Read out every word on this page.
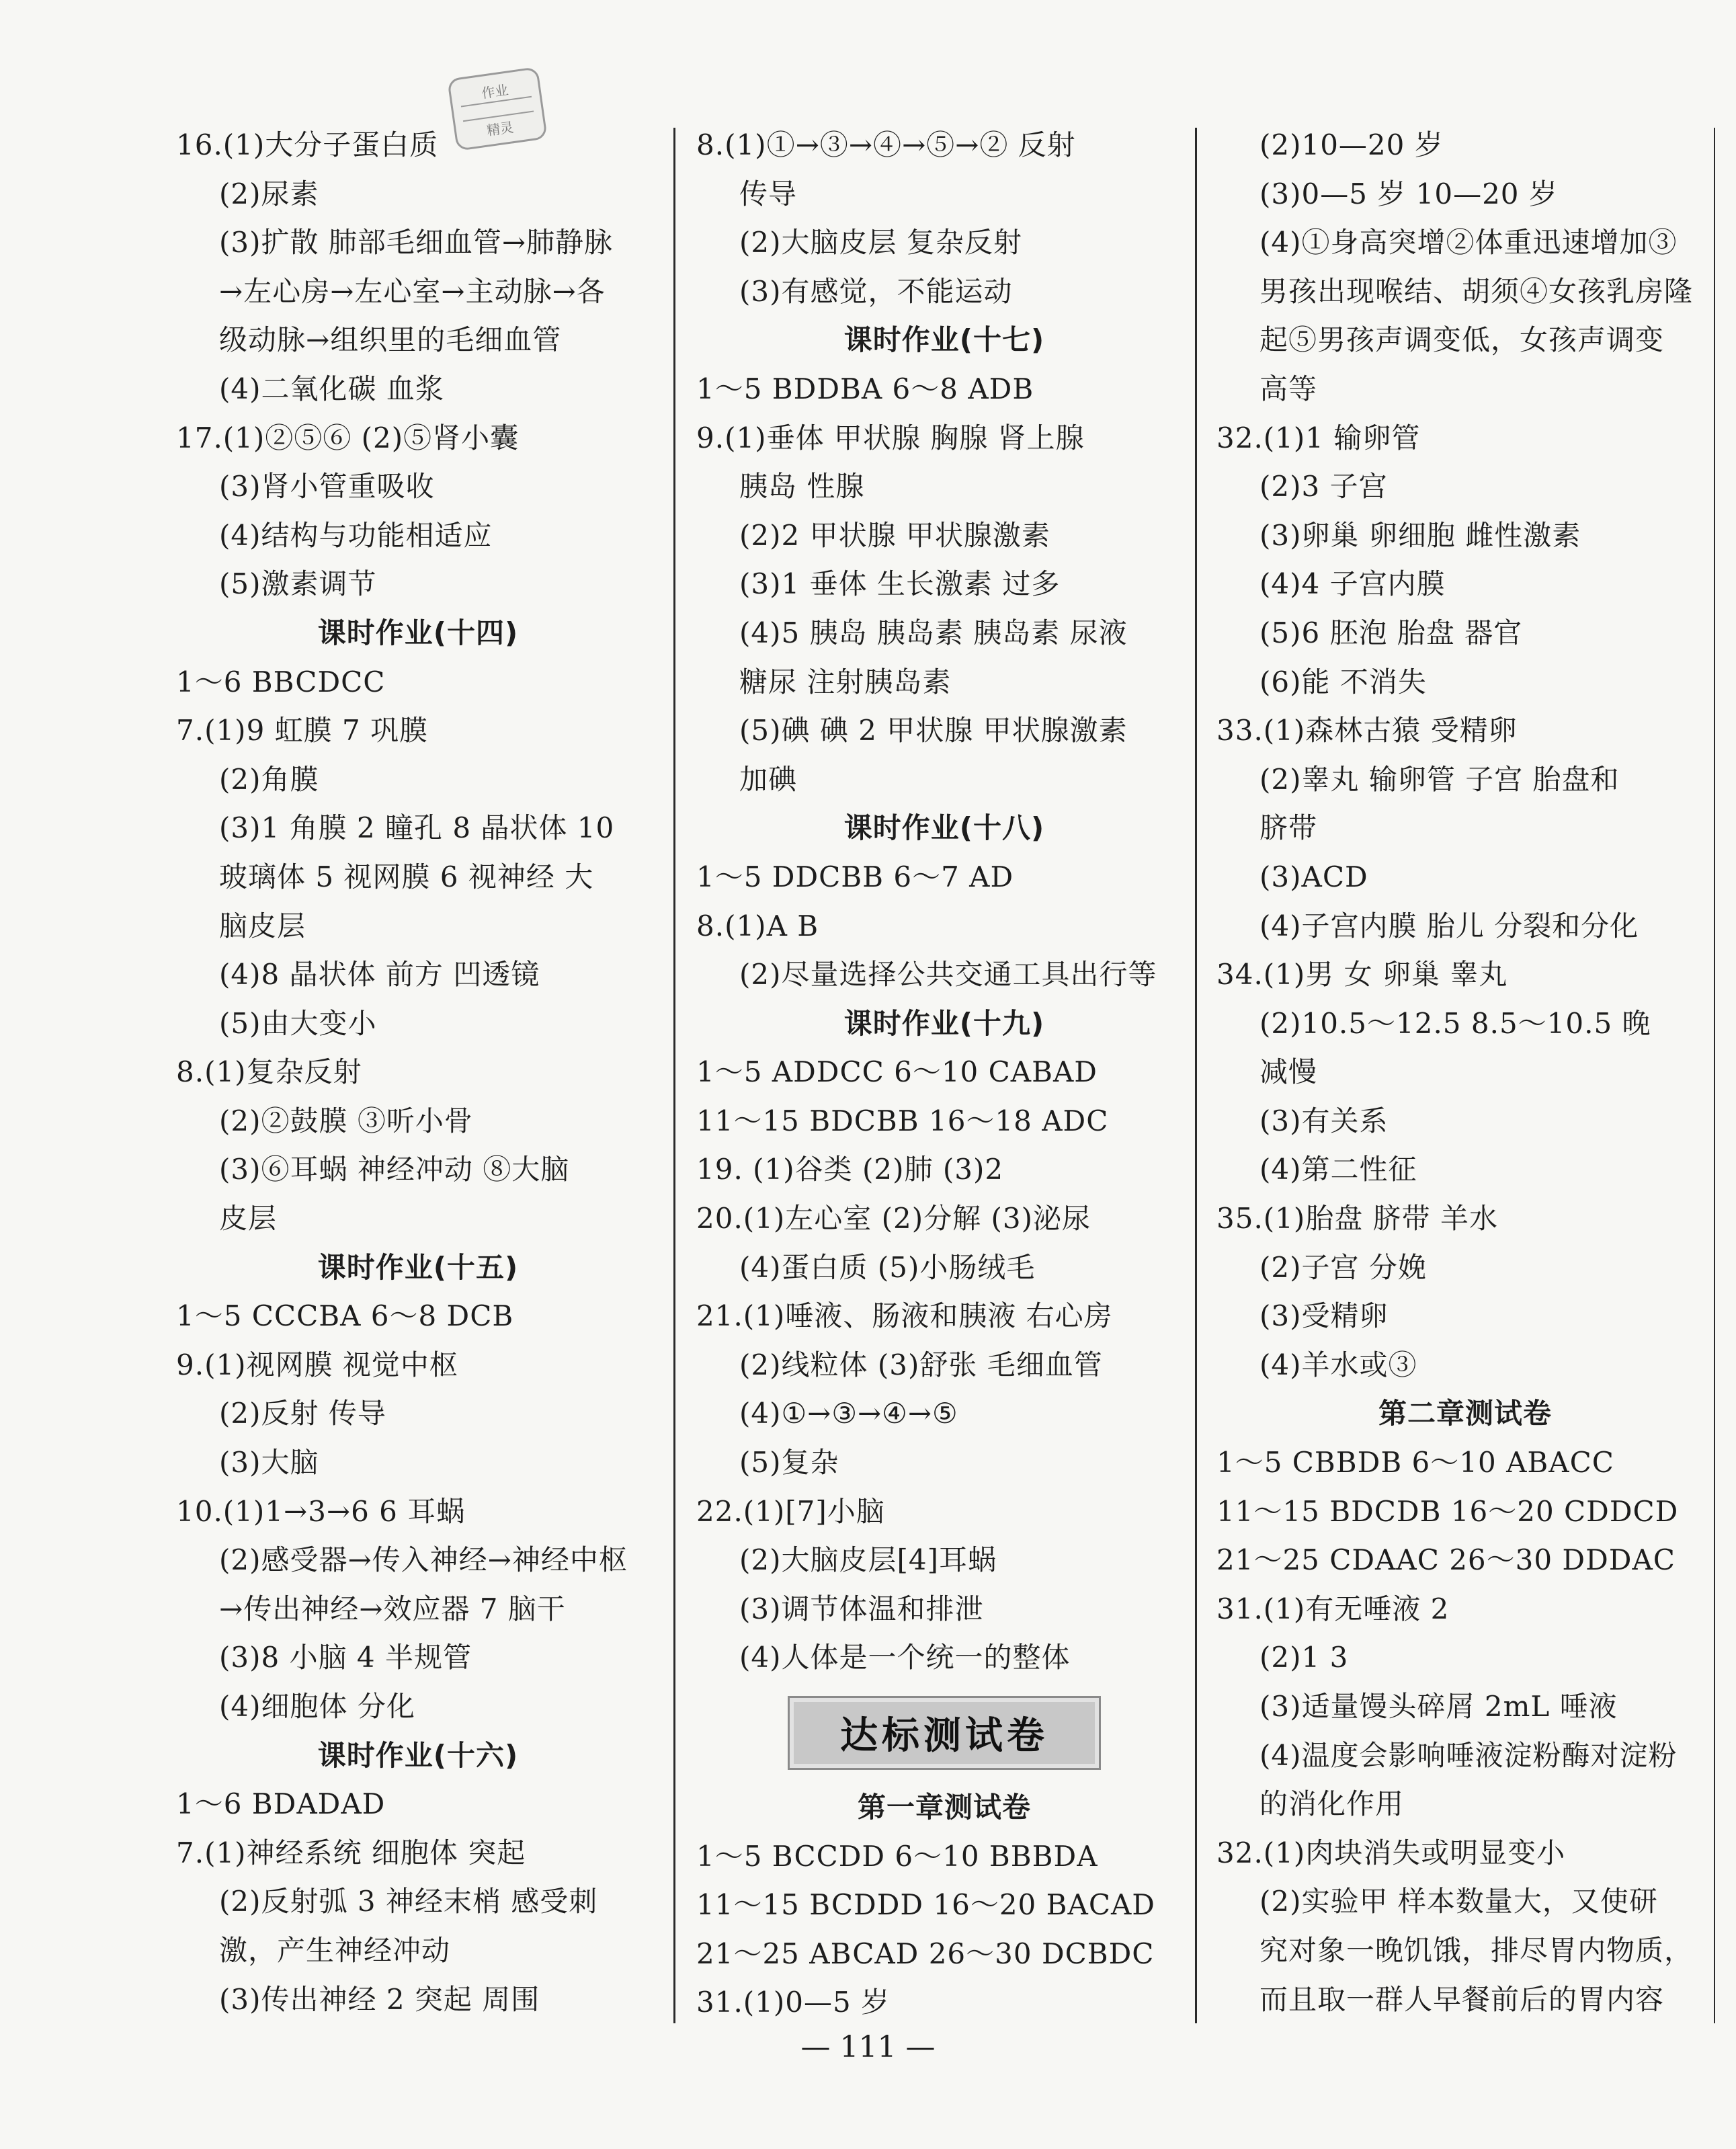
作业
精灵
16.(1)大分子蛋白质
(2)尿素
(3)扩散 肺部毛细血管→肺静脉
→左心房→左心室→主动脉→各
级动脉→组织里的毛细血管
(4)二氧化碳 血浆
17.(1)②⑤⑥ (2)⑤肾小囊
(3)肾小管重吸收
(4)结构与功能相适应
(5)激素调节
课时作业(十四)
1～6 BBCDCC
7.(1)9 虹膜 7 巩膜
(2)角膜
(3)1 角膜 2 瞳孔 8 晶状体 10
玻璃体 5 视网膜 6 视神经 大
脑皮层
(4)8 晶状体 前方 凹透镜
(5)由大变小
8.(1)复杂反射
(2)②鼓膜 ③听小骨
(3)⑥耳蜗 神经冲动 ⑧大脑
皮层
课时作业(十五)
1～5 CCCBA 6～8 DCB
9.(1)视网膜 视觉中枢
(2)反射 传导
(3)大脑
10.(1)1→3→6 6 耳蜗
(2)感受器→传入神经→神经中枢
→传出神经→效应器 7 脑干
(3)8 小脑 4 半规管
(4)细胞体 分化
课时作业(十六)
1～6 BDADAD
7.(1)神经系统 细胞体 突起
(2)反射弧 3 神经末梢 感受刺
激，产生神经冲动
(3)传出神经 2 突起 周围
8.(1)①→③→④→⑤→② 反射
传导
(2)大脑皮层 复杂反射
(3)有感觉，不能运动
课时作业(十七)
1～5 BDDBA 6～8 ADB
9.(1)垂体 甲状腺 胸腺 肾上腺
胰岛 性腺
(2)2 甲状腺 甲状腺激素
(3)1 垂体 生长激素 过多
(4)5 胰岛 胰岛素 胰岛素 尿液
糖尿 注射胰岛素
(5)碘 碘 2 甲状腺 甲状腺激素
加碘
课时作业(十八)
1～5 DDCBB 6～7 AD
8.(1)A B
(2)尽量选择公共交通工具出行等
课时作业(十九)
1～5 ADDCC 6～10 CABAD
11～15 BDCBB 16～18 ADC
19. (1)谷类 (2)肺 (3)2
20.(1)左心室 (2)分解 (3)泌尿
(4)蛋白质 (5)小肠绒毛
21.(1)唾液、肠液和胰液 右心房
(2)线粒体 (3)舒张 毛细血管
(4)①→③→④→⑤
(5)复杂
22.(1)[7]小脑
(2)大脑皮层[4]耳蜗
(3)调节体温和排泄
(4)人体是一个统一的整体
达标测试卷
第一章测试卷
1～5 BCCDD 6～10 BBBDA
11～15 BCDDD 16～20 BACAD
21～25 ABCAD 26～30 DCBDC
31.(1)0—5 岁
(2)10—20 岁
(3)0—5 岁 10—20 岁
(4)①身高突增②体重迅速增加③
男孩出现喉结、胡须④女孩乳房隆
起⑤男孩声调变低，女孩声调变
高等
32.(1)1 输卵管
(2)3 子宫
(3)卵巢 卵细胞 雌性激素
(4)4 子宫内膜
(5)6 胚泡 胎盘 器官
(6)能 不消失
33.(1)森林古猿 受精卵
(2)睾丸 输卵管 子宫 胎盘和
脐带
(3)ACD
(4)子宫内膜 胎儿 分裂和分化
34.(1)男 女 卵巢 睾丸
(2)10.5～12.5 8.5～10.5 晚
减慢
(3)有关系
(4)第二性征
35.(1)胎盘 脐带 羊水
(2)子宫 分娩
(3)受精卵
(4)羊水或③
第二章测试卷
1～5 CBBDB 6～10 ABACC
11～15 BDCDB 16～20 CDDCD
21～25 CDAAC 26～30 DDDAC
31.(1)有无唾液 2
(2)1 3
(3)适量馒头碎屑 2mL 唾液
(4)温度会影响唾液淀粉酶对淀粉
的消化作用
32.(1)肉块消失或明显变小
(2)实验甲 样本数量大，又使研
究对象一晚饥饿，排尽胃内物质，
而且取一群人早餐前后的胃内容
— 111 —
